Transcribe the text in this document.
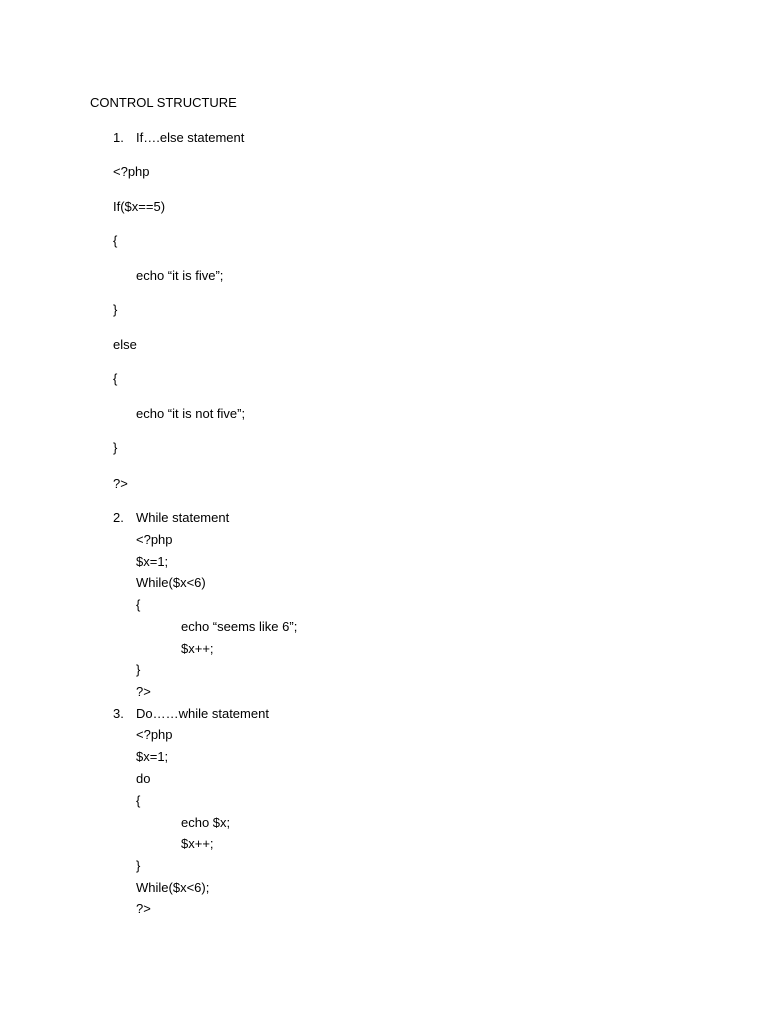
CONTROL STRUCTURE
1. If….else statement
<?php
If($x==5)
{
echo “it is five”;
}
else
{
echo “it is not five”;
}
?>
2. While statement
<?php
$x=1;
While($x<6)
{
echo “seems like 6”;
$x++;
}
?>
3. Do……while statement
<?php
$x=1;
do
{
echo $x;
$x++;
}
While($x<6);
?>
